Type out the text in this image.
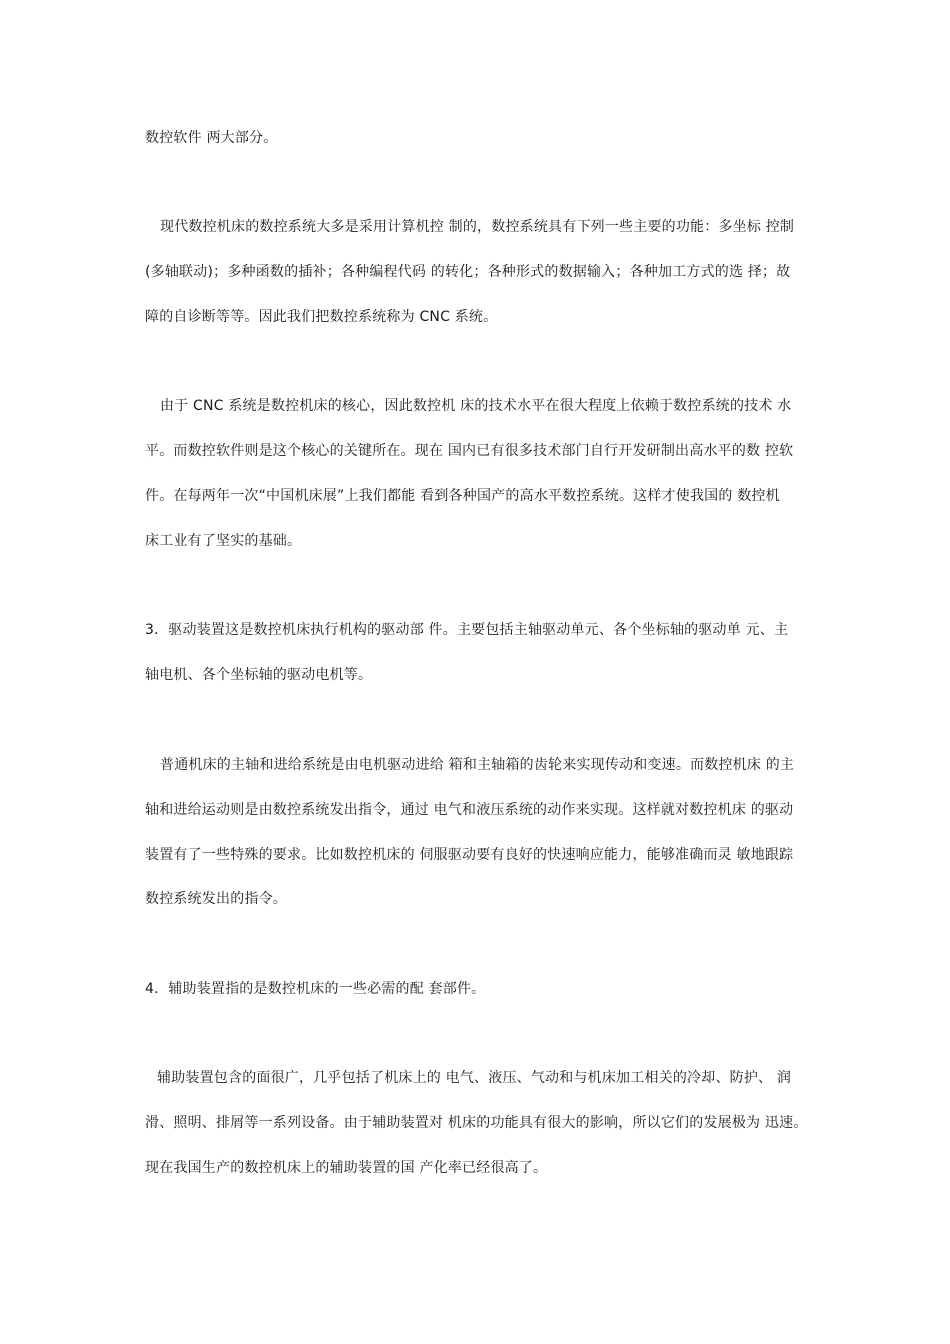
数控软件 两大部分。
现代数控机床的数控系统大多是采用计算机控 制的，数控系统具有下列一些主要的功能：多坐标 控制
(多轴联动)；多种函数的插补；各种编程代码 的转化；各种形式的数据输入；各种加工方式的选 择；故
障的自诊断等等。因此我们把数控系统称为 CNC 系统。
由于 CNC 系统是数控机床的核心，因此数控机 床的技术水平在很大程度上依赖于数控系统的技术 水
平。而数控软件则是这个核心的关键所在。现在 国内已有很多技术部门自行开发研制出高水平的数 控软
件。在每两年一次“中国机床展”上我们都能 看到各种国产的高水平数控系统。这样才使我国的 数控机
床工业有了坚实的基础。
3．驱动装置这是数控机床执行机构的驱动部 件。主要包括主轴驱动单元、各个坐标轴的驱动单 元、主
轴电机、各个坐标轴的驱动电机等。
普通机床的主轴和进给系统是由电机驱动进给 箱和主轴箱的齿轮来实现传动和变速。而数控机床 的主
轴和进给运动则是由数控系统发出指令，通过 电气和液压系统的动作来实现。这样就对数控机床 的驱动
装置有了一些特殊的要求。比如数控机床的 伺服驱动要有良好的快速响应能力，能够准确而灵 敏地跟踪
数控系统发出的指令。
4．辅助装置指的是数控机床的一些必需的配 套部件。
辅助装置包含的面很广，几乎包括了机床上的 电气、液压、气动和与机床加工相关的冷却、防护、 润
滑、照明、排屑等一系列设备。由于辅助装置对 机床的功能具有很大的影响，所以它们的发展极为 迅速。
现在我国生产的数控机床上的辅助装置的国 产化率已经很高了。
